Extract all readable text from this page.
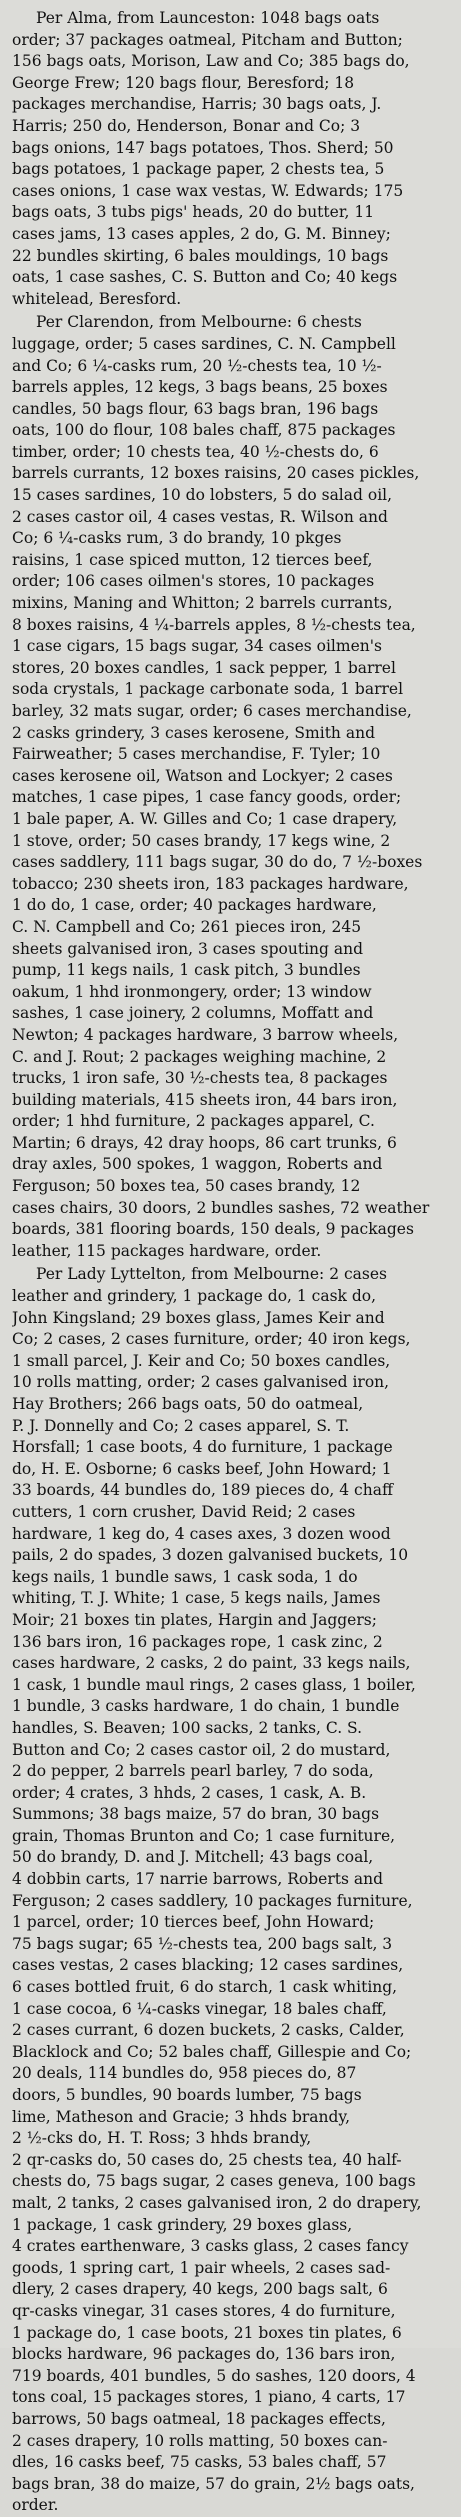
Per Alma, from Launceston: 1048 bags oats
order; 37 packages oatmeal, Pitcham and Button;
156 bags oats, Morison, Law and Co; 385 bags do,
George Frew; 120 bags flour, Beresford; 18
packages merchandise, Harris; 30 bags oats, J.
Harris; 250 do, Henderson, Bonar and Co; 3
bags onions, 147 bags potatoes, Thos. Sherd; 50
bags potatoes, 1 package paper, 2 chests tea, 5
cases onions, 1 case wax vestas, W. Edwards; 175
bags oats, 3 tubs pigs' heads, 20 do butter, 11
cases jams, 13 cases apples, 2 do, G. M. Binney;
22 bundles skirting, 6 bales mouldings, 10 bags
oats, 1 case sashes, C. S. Button and Co; 40 kegs
whitelead, Beresford.
Per Clarendon, from Melbourne: 6 chests
luggage, order; 5 cases sardines, C. N. Campbell
and Co; 6 ¼-casks rum, 20 ½-chests tea, 10 ½-
barrels apples, 12 kegs, 3 bags beans, 25 boxes
candles, 50 bags flour, 63 bags bran, 196 bags
oats, 100 do flour, 108 bales chaff, 875 packages
timber, order; 10 chests tea, 40 ½-chests do, 6
barrels currants, 12 boxes raisins, 20 cases pickles,
15 cases sardines, 10 do lobsters, 5 do salad oil,
2 cases castor oil, 4 cases vestas, R. Wilson and
Co; 6 ¼-casks rum, 3 do brandy, 10 pkges
raisins, 1 case spiced mutton, 12 tierces beef,
order; 106 cases oilmen's stores, 10 packages
mixins, Maning and Whitton; 2 barrels currants,
8 boxes raisins, 4 ¼-barrels apples, 8 ½-chests tea,
1 case cigars, 15 bags sugar, 34 cases oilmen's
stores, 20 boxes candles, 1 sack pepper, 1 barrel
soda crystals, 1 package carbonate soda, 1 barrel
barley, 32 mats sugar, order; 6 cases merchandise,
2 casks grindery, 3 cases kerosene, Smith and
Fairweather; 5 cases merchandise, F. Tyler; 10
cases kerosene oil, Watson and Lockyer; 2 cases
matches, 1 case pipes, 1 case fancy goods, order;
1 bale paper, A. W. Gilles and Co; 1 case drapery,
1 stove, order; 50 cases brandy, 17 kegs wine, 2
cases saddlery, 111 bags sugar, 30 do do, 7 ½-boxes
tobacco; 230 sheets iron, 183 packages hardware,
1 do do, 1 case, order; 40 packages hardware,
C. N. Campbell and Co; 261 pieces iron, 245
sheets galvanised iron, 3 cases spouting and
pump, 11 kegs nails, 1 cask pitch, 3 bundles
oakum, 1 hhd ironmongery, order; 13 window
sashes, 1 case joinery, 2 columns, Moffatt and
Newton; 4 packages hardware, 3 barrow wheels,
C. and J. Rout; 2 packages weighing machine, 2
trucks, 1 iron safe, 30 ½-chests tea, 8 packages
building materials, 415 sheets iron, 44 bars iron,
order; 1 hhd furniture, 2 packages apparel, C.
Martin; 6 drays, 42 dray hoops, 86 cart trunks, 6
dray axles, 500 spokes, 1 waggon, Roberts and
Ferguson; 50 boxes tea, 50 cases brandy, 12
cases chairs, 30 doors, 2 bundles sashes, 72 weather
boards, 381 flooring boards, 150 deals, 9 packages
leather, 115 packages hardware, order.
Per Lady Lyttelton, from Melbourne: 2 cases
leather and grindery, 1 package do, 1 cask do,
John Kingsland; 29 boxes glass, James Keir and
Co; 2 cases, 2 cases furniture, order; 40 iron kegs,
1 small parcel, J. Keir and Co; 50 boxes candles,
10 rolls matting, order; 2 cases galvanised iron,
Hay Brothers; 266 bags oats, 50 do oatmeal,
P. J. Donnelly and Co; 2 cases apparel, S. T.
Horsfall; 1 case boots, 4 do furniture, 1 package
do, H. E. Osborne; 6 casks beef, John Howard; 1
33 boards, 44 bundles do, 189 pieces do, 4 chaff
cutters, 1 corn crusher, David Reid; 2 cases
hardware, 1 keg do, 4 cases axes, 3 dozen wood
pails, 2 do spades, 3 dozen galvanised buckets, 10
kegs nails, 1 bundle saws, 1 cask soda, 1 do
whiting, T. J. White; 1 case, 5 kegs nails, James
Moir; 21 boxes tin plates, Hargin and Jaggers;
136 bars iron, 16 packages rope, 1 cask zinc, 2
cases hardware, 2 casks, 2 do paint, 33 kegs nails,
1 cask, 1 bundle maul rings, 2 cases glass, 1 boiler,
1 bundle, 3 casks hardware, 1 do chain, 1 bundle
handles, S. Beaven; 100 sacks, 2 tanks, C. S.
Button and Co; 2 cases castor oil, 2 do mustard,
2 do pepper, 2 barrels pearl barley, 7 do soda,
order; 4 crates, 3 hhds, 2 cases, 1 cask, A. B.
Summons; 38 bags maize, 57 do bran, 30 bags
grain, Thomas Brunton and Co; 1 case furniture,
50 do brandy, D. and J. Mitchell; 43 bags coal,
4 dobbin carts, 17 narrie barrows, Roberts and
Ferguson; 2 cases saddlery, 10 packages furniture,
1 parcel, order; 10 tierces beef, John Howard;
75 bags sugar; 65 ½-chests tea, 200 bags salt, 3
cases vestas, 2 cases blacking; 12 cases sardines,
6 cases bottled fruit, 6 do starch, 1 cask whiting,
1 case cocoa, 6 ¼-casks vinegar, 18 bales chaff,
2 cases currant, 6 dozen buckets, 2 casks, Calder,
Blacklock and Co; 52 bales chaff, Gillespie and Co;
20 deals, 114 bundles do, 958 pieces do, 87
doors, 5 bundles, 90 boards lumber, 75 bags
lime, Matheson and Gracie; 3 hhds brandy,
2 ½-cks do, H. T. Ross; 3 hhds brandy,
2 qr-casks do, 50 cases do, 25 chests tea, 40 half-
chests do, 75 bags sugar, 2 cases geneva, 100 bags
malt, 2 tanks, 2 cases galvanised iron, 2 do drapery,
1 package, 1 cask grindery, 29 boxes glass,
4 crates earthenware, 3 casks glass, 2 cases fancy
goods, 1 spring cart, 1 pair wheels, 2 cases sad-
dlery, 2 cases drapery, 40 kegs, 200 bags salt, 6
qr-casks vinegar, 31 cases stores, 4 do furniture,
1 package do, 1 case boots, 21 boxes tin plates, 6
blocks hardware, 96 packages do, 136 bars iron,
719 boards, 401 bundles, 5 do sashes, 120 doors, 4
tons coal, 15 packages stores, 1 piano, 4 carts, 17
barrows, 50 bags oatmeal, 18 packages effects,
2 cases drapery, 10 rolls matting, 50 boxes can-
dles, 16 casks beef, 75 casks, 53 bales chaff, 57
bags bran, 38 do maize, 57 do grain, 2½ bags oats,
order.
